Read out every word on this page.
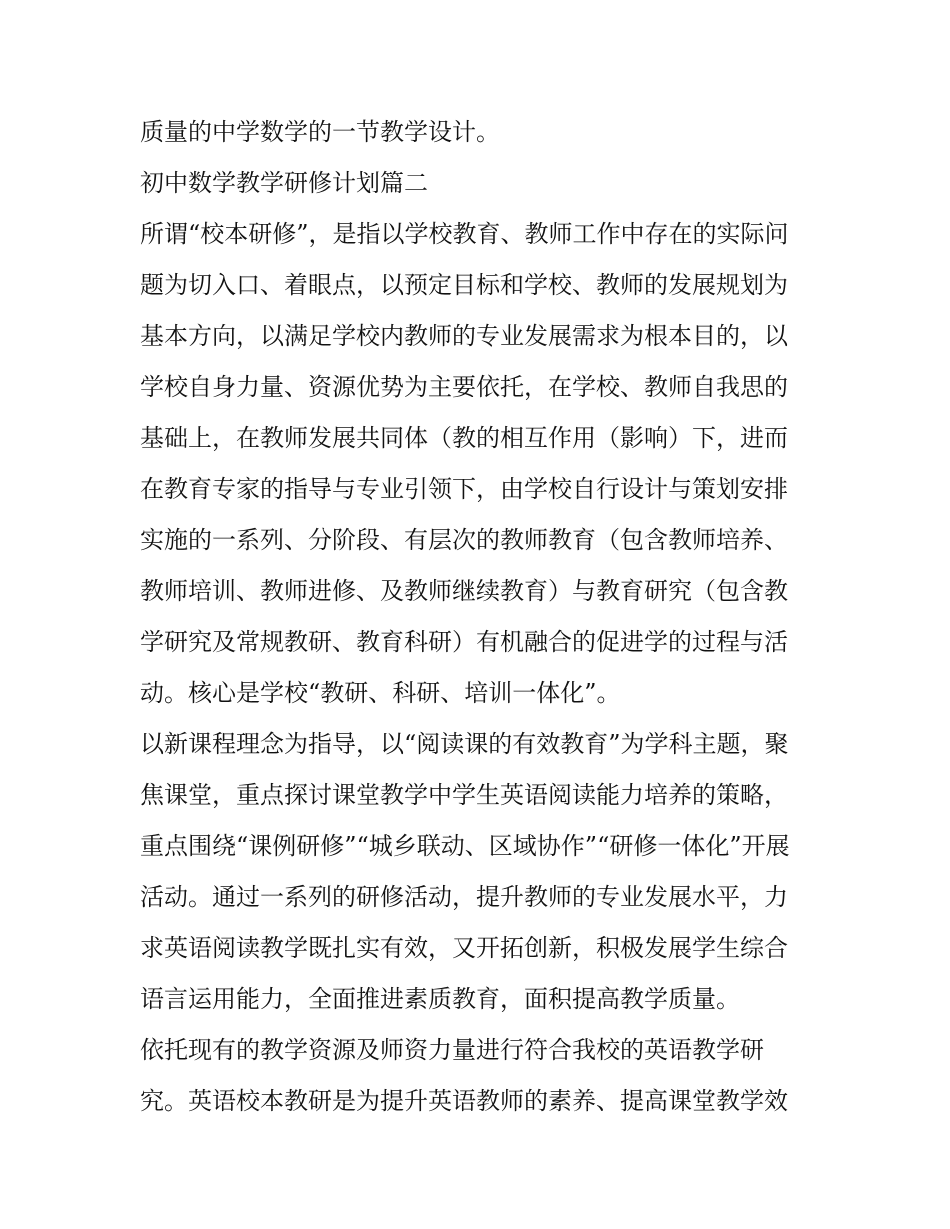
质量的中学数学的一节教学设计。
初中数学教学研修计划篇二
所谓“校本研修”，是指以学校教育、教师工作中存在的实际问
题为切入口、着眼点，以预定目标和学校、教师的发展规划为
基本方向，以满足学校内教师的专业发展需求为根本目的，以
学校自身力量、资源优势为主要依托，在学校、教师自我思的
基础上，在教师发展共同体（教的相互作用（影响）下，进而
在教育专家的指导与专业引领下，由学校自行设计与策划安排
实施的一系列、分阶段、有层次的教师教育（包含教师培养、
教师培训、教师进修、及教师继续教育）与教育研究（包含教
学研究及常规教研、教育科研）有机融合的促进学的过程与活
动。核心是学校“教研、科研、培训一体化”。
以新课程理念为指导，以“阅读课的有效教育”为学科主题，聚
焦课堂，重点探讨课堂教学中学生英语阅读能力培养的策略，
重点围绕“课例研修”“城乡联动、区域协作”“研修一体化”开展
活动。通过一系列的研修活动，提升教师的专业发展水平，力
求英语阅读教学既扎实有效，又开拓创新，积极发展学生综合
语言运用能力，全面推进素质教育，面积提高教学质量。
依托现有的教学资源及师资力量进行符合我校的英语教学研
究。英语校本教研是为提升英语教师的素养、提高课堂教学效
